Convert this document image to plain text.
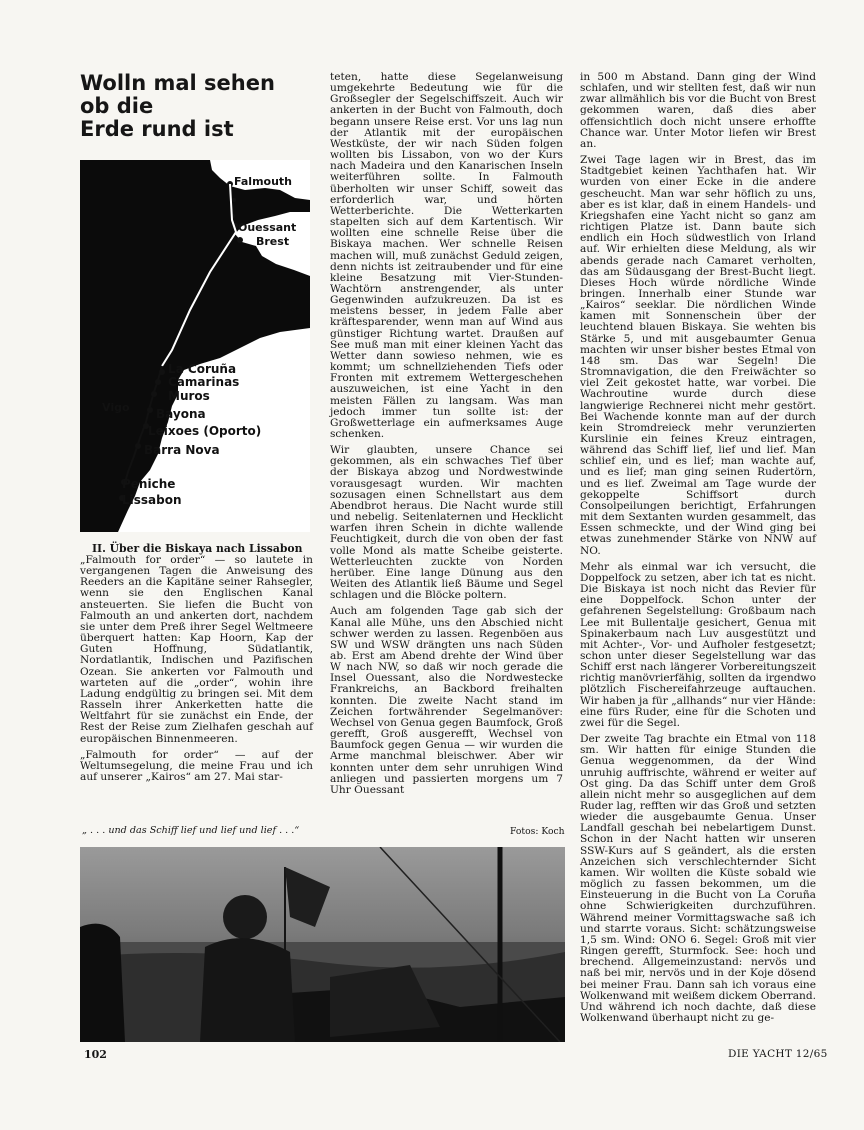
Wolln mal sehen
ob die
Erde rund ist
Falmouth
Ouessant
Brest
La Coruña
Camarinas
Muros
Vigo Bayona
Leixoes (Oporto)
Barra Nova
Peniche
Lissabon
II. Über die Biskaya nach Lissabon

„Falmouth for order“ — so lautete in vergangenen Tagen die Anweisung des Reeders an die Kapitäne seiner Rahsegler, wenn sie den Englischen Kanal ansteuerten. Sie liefen die Bucht von Falmouth an und ankerten dort, nachdem sie unter dem Preß ihrer Segel Weltmeere überquert hatten: Kap Hoorn, Kap der Guten Hoffnung, Südatlantik, Nordatlantik, Indischen und Pazifischen Ozean. Sie ankerten vor Falmouth und warteten auf die „order“, wohin ihre Ladung endgültig zu bringen sei. Mit dem Rasseln ihrer Ankerketten hatte die Weltfahrt für sie zunächst ein Ende, der Rest der Reise zum Zielhafen geschah auf europäischen Binnenmeeren.

„Falmouth for order“ — auf der Weltumsegelung, die meine Frau und ich auf unserer „Kairos“ am 27. Mai star-

teten, hatte diese Segelanweisung umgekehrte Bedeutung wie für die Großsegler der Segelschiffszeit. Auch wir ankerten in der Bucht von Falmouth, doch begann unsere Reise erst. Vor uns lag nun der Atlantik mit der europäischen Westküste, der wir nach Süden folgen wollten bis Lissabon, von wo der Kurs nach Madeira und den Kanarischen Inseln weiterführen sollte. In Falmouth überholten wir unser Schiff, soweit das erforderlich war, und hörten Wetterberichte. Die Wetterkarten stapelten sich auf dem Kartentisch. Wir wollten eine schnelle Reise über die Biskaya machen. Wer schnelle Reisen machen will, muß zunächst Geduld zeigen, denn nichts ist zeitraubender und für eine kleine Besatzung mit Vier-Stunden-Wachtörn anstrengender, als unter Gegenwinden aufzukreuzen. Da ist es meistens besser, in jedem Falle aber kräftesparender, wenn man auf Wind aus günstiger Richtung wartet. Draußen auf See muß man mit einer kleinen Yacht das Wetter dann sowieso nehmen, wie es kommt; um schnellziehenden Tiefs oder Fronten mit extremem Wettergeschehen auszuweichen, ist eine Yacht in den meisten Fällen zu langsam. Was man jedoch immer tun sollte ist: der Großwetterlage ein aufmerksames Auge schenken.

Wir glaubten, unsere Chance sei gekommen, als ein schwaches Tief über der Biskaya abzog und Nordwestwinde vorausgesagt wurden. Wir machten sozusagen einen Schnellstart aus dem Abendbrot heraus. Die Nacht wurde still und nebelig. Seitenlaternen und Hecklicht warfen ihren Schein in dichte wallende Feuchtigkeit, durch die von oben der fast volle Mond als matte Scheibe geisterte. Wetterleuchten zuckte von Norden herüber. Eine lange Dünung aus den Weiten des Atlantik ließ Bäume und Segel schlagen und die Blöcke poltern.

Auch am folgenden Tage gab sich der Kanal alle Mühe, uns den Abschied nicht schwer werden zu lassen. Regenböen aus SW und WSW drängten uns nach Süden ab. Erst am Abend drehte der Wind über W nach NW, so daß wir noch gerade die Insel Ouessant, also die Nordwestecke Frankreichs, an Backbord freihalten konnten. Die zweite Nacht stand im Zeichen fortwährender Segelmanöver: Wechsel von Genua gegen Baumfock, Groß gerefft, Groß ausgerefft, Wechsel von Baumfock gegen Genua — wir wurden die Arme manchmal bleischwer. Aber wir konnten unter dem sehr unruhigen Wind anliegen und passierten morgens um 7 Uhr Ouessant

in 500 m Abstand. Dann ging der Wind schlafen, und wir stellten fest, daß wir nun zwar allmählich bis vor die Bucht von Brest gekommen waren, daß dies aber offensichtlich doch nicht unsere erhoffte Chance war. Unter Motor liefen wir Brest an.

Zwei Tage lagen wir in Brest, das im Stadtgebiet keinen Yachthafen hat. Wir wurden von einer Ecke in die andere gescheucht. Man war sehr höflich zu uns, aber es ist klar, daß in einem Handels- und Kriegshafen eine Yacht nicht so ganz am richtigen Platze ist. Dann baute sich endlich ein Hoch südwestlich von Irland auf. Wir erhielten diese Meldung, als wir abends gerade nach Camaret verholten, das am Südausgang der Brest-Bucht liegt. Dieses Hoch würde nördliche Winde bringen. Innerhalb einer Stunde war „Kairos“ seeklar. Die nördlichen Winde kamen mit Sonnenschein über der leuchtend blauen Biskaya. Sie wehten bis Stärke 5, und mit ausgebaumter Genua machten wir unser bisher bestes Etmal von 148 sm. Das war Segeln! Die Stromnavigation, die den Freiwächter so viel Zeit gekostet hatte, war vorbei. Die Wachroutine wurde durch diese langwierige Rechnerei nicht mehr gestört. Bei Wachende konnte man auf der durch kein Stromdreieck mehr verunzierten Kurslinie ein feines Kreuz eintragen, während das Schiff lief, lief und lief. Man schlief ein, und es lief; man wachte auf, und es lief; man ging seinen Rudertörn, und es lief. Zweimal am Tage wurde der gekoppelte Schiffsort durch Consolpeilungen berichtigt, Erfahrungen mit dem Sextanten wurden gesammelt, das Essen schmeckte, und der Wind ging bei etwas zunehmender Stärke von NNW auf NO.

Mehr als einmal war ich versucht, die Doppelfock zu setzen, aber ich tat es nicht. Die Biskaya ist noch nicht das Revier für eine Doppelfock. Schon unter der gefahrenen Segelstellung: Großbaum nach Lee mit Bullentalje gesichert, Genua mit Spinakerbaum nach Luv ausgestützt und mit Achter-, Vor- und Aufholer festgesetzt; schon unter dieser Segelstellung war das Schiff erst nach längerer Vorbereitungszeit richtig manövrierfähig, sollten da irgendwo plötzlich Fischereifahrzeuge auftauchen. Wir haben ja für „allhands“ nur vier Hände: eine fürs Ruder, eine für die Schoten und zwei für die Segel.

Der zweite Tag brachte ein Etmal von 118 sm. Wir hatten für einige Stunden die Genua weggenommen, da der Wind unruhig auffrischte, während er weiter auf Ost ging. Da das Schiff unter dem Groß allein nicht mehr so ausgeglichen auf dem Ruder lag, refften wir das Groß und setzten wieder die ausgebaumte Genua. Unser Landfall geschah bei nebelartigem Dunst. Schon in der Nacht hatten wir unseren SSW-Kurs auf S geändert, als die ersten Anzeichen sich verschlechternder Sicht kamen. Wir wollten die Küste sobald wie möglich zu fassen bekommen, um die Einsteuerung in die Bucht von La Coruña ohne Schwierigkeiten durchzuführen. Während meiner Vormittagswache saß ich und starrte voraus. Sicht: schätzungsweise 1,5 sm. Wind: ONO 6. Segel: Groß mit vier Ringen gerefft, Sturmfock. See: hoch und brechend. Allgemeinzustand: nervös und naß bei mir, nervös und in der Koje dösend bei meiner Frau. Dann sah ich voraus eine Wolkenwand mit weißem dickem Oberrand. Und während ich noch dachte, daß diese Wolkenwand überhaupt nicht zu ge-

„ . . . und das Schiff lief und lief und lief . . .“	Fotos: Koch
102	DIE YACHT 12/65
